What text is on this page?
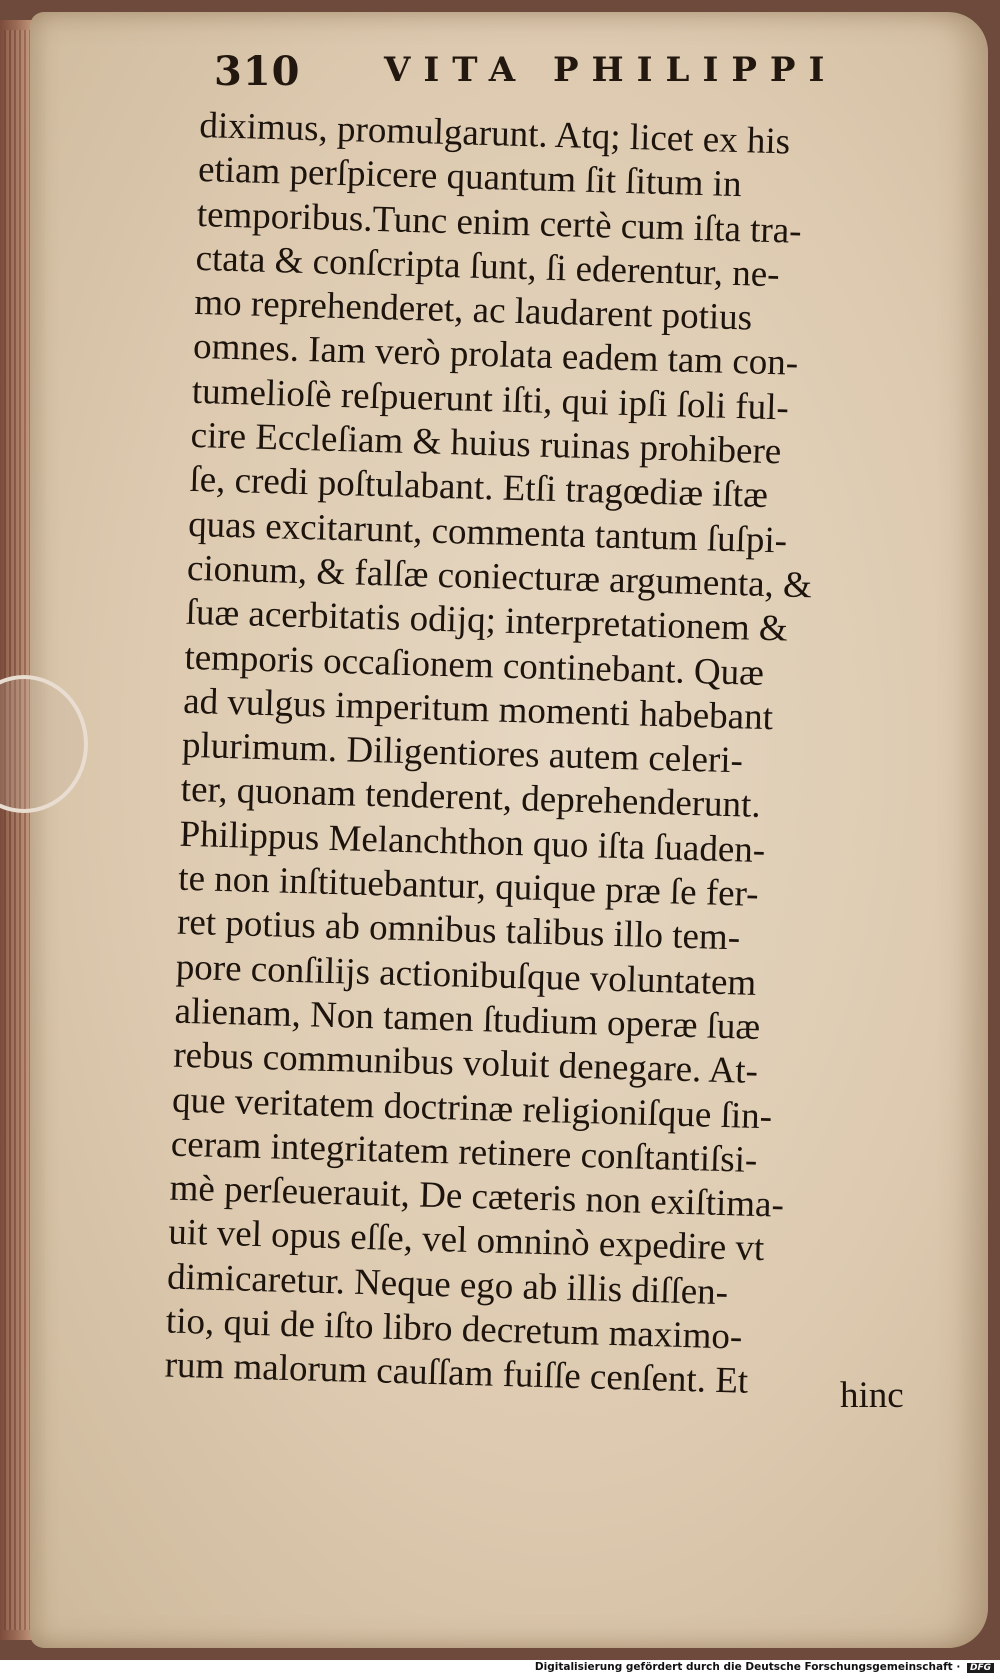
310 VITA PHILIPPI
diximus, promulgarunt. Atq; licet ex his
etiam perſpicere quantum ſit ſitum in
temporibus.Tunc enim certè cum iſta tra-
ctata & conſcripta ſunt, ſi ederentur, ne-
mo reprehenderet, ac laudarent potius
omnes. Iam verò prolata eadem tam con-
tumelioſè reſpuerunt iſti, qui ipſi ſoli ful-
cire Eccleſiam & huius ruinas prohibere
ſe, credi poſtulabant. Etſi tragœdiæ iſtæ
quas excitarunt, commenta tantum ſuſpi-
cionum, & falſæ coniecturæ argumenta, &
ſuæ acerbitatis odijq; interpretationem &
temporis occaſionem continebant. Quæ
ad vulgus imperitum momenti habebant
plurimum. Diligentiores autem celeri-
ter, quonam tenderent, deprehenderunt.
Philippus Melanchthon quo iſta ſuaden-
te non inſtituebantur, quique præ ſe fer-
ret potius ab omnibus talibus illo tem-
pore conſilijs actionibuſque voluntatem
alienam, Non tamen ſtudium operæ ſuæ
rebus communibus voluit denegare. At-
que veritatem doctrinæ religioniſque ſin-
ceram integritatem retinere conſtantiſsi-
mè perſeuerauit, De cæteris non exiſtima-
uit vel opus eſſe, vel omninò expedire vt
dimicaretur. Neque ego ab illis diſſen-
tio, qui de iſto libro decretum maximo-
rum malorum cauſſam fuiſſe cenſent. Et	hinc
Digitalisierung gefördert durch die Deutsche Forschungsgemeinschaft · DFG
